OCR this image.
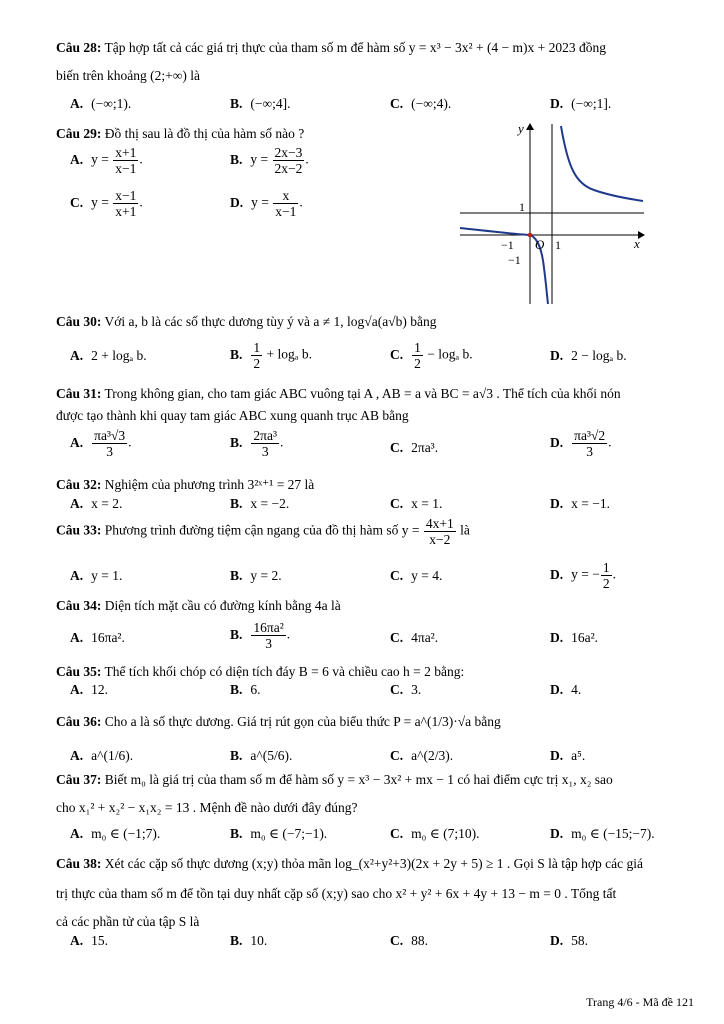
Câu 28: Tập hợp tất cả các giá trị thực của tham số m để hàm số y = x³ − 3x² + (4 − m)x + 2023 đồng
biến trên khoảng (2;+∞) là
A. (−∞;1).	B. (−∞;4].	C. (−∞;4).	D. (−∞;1].
Câu 29: Đồ thị sau là đồ thị của hàm số nào ?
A. $y = \frac{x+1}{x-1}$ .	B. $y = \frac{2x-3}{2x-2}$ .
C. $y = \frac{x-1}{x+1}$ .	D. $y = \frac{x}{x-1}$ .
y
x
O 1
1
−1
−1
Câu 30: Với a, b là các số thực dương tùy ý và a ≠ 1, log√a(a√b) bằng
A. 2 + logₐ b.	B. $\frac{1}{2} + \log_a$ b.	C. $\frac{1}{2} - \log_a$ b.	D. 2 − logₐ b.
Câu 31: Trong không gian, cho tam giác ABC vuông tại A , AB = a và BC = a√3 . Thể tích của khối nón
được tạo thành khi quay tam giác ABC xung quanh trục AB bằng
A. $\frac{\text{πa³√3}}{3}$ .	B. $\frac{\text{2πa³}}{3}$ .	C. 2πa³.	D. $\frac{\text{πa³√2}}{3}$ .
Câu 32: Nghiệm của phương trình 3²ˣ⁺¹ = 27 là
A. x = 2.	B. x = −2.	C. x = 1.	D. x = −1.
Câu 33: Phương trình đường tiệm cận ngang của đồ thị hàm số $y = \frac{4x+1}{x-2}$ là
A. y = 1.	B. y = 2.	C. y = 4.	D. y = − $\frac{1}{2}$ .
Câu 34: Diện tích mặt cầu có đường kính bằng 4a là
A. 16πa².	B. $\frac{\text{16πa²}}{3}$ .	C. 4πa².	D. 16a².
Câu 35: Thể tích khối chóp có diện tích đáy B = 6 và chiều cao h = 2 bằng:
A. 12.	B. 6.	C. 3.	D. 4.
Câu 36: Cho a là số thực dương. Giá trị rút gọn của biểu thức P = a^(1/3)·√a bằng
A. a^(1/6).	B. a^(5/6).	C. a^(2/3).	D. a⁵.
Câu 37: Biết m₀ là giá trị của tham số m để hàm số y = x³ − 3x² + mx − 1 có hai điểm cực trị x₁, x₂ sao
cho x₁² + x₂² − x₁x₂ = 13 . Mệnh đề nào dưới đây đúng?
A. m₀ ∈ (−1;7).	B. m₀ ∈ (−7;−1).	C. m₀ ∈ (7;10).	D. m₀ ∈ (−15;−7).
Câu 38: Xét các cặp số thực dương (x;y) thỏa mãn log_(x²+y²+3)(2x + 2y + 5) ≥ 1 . Gọi S là tập hợp các giá
trị thực của tham số m để tồn tại duy nhất cặp số (x;y) sao cho x² + y² + 6x + 4y + 13 − m = 0 . Tổng tất
cả các phần tử của tập S là
A. 15.	B. 10.	C. 88.	D. 58.
Trang 4/6 - Mã đề 121
